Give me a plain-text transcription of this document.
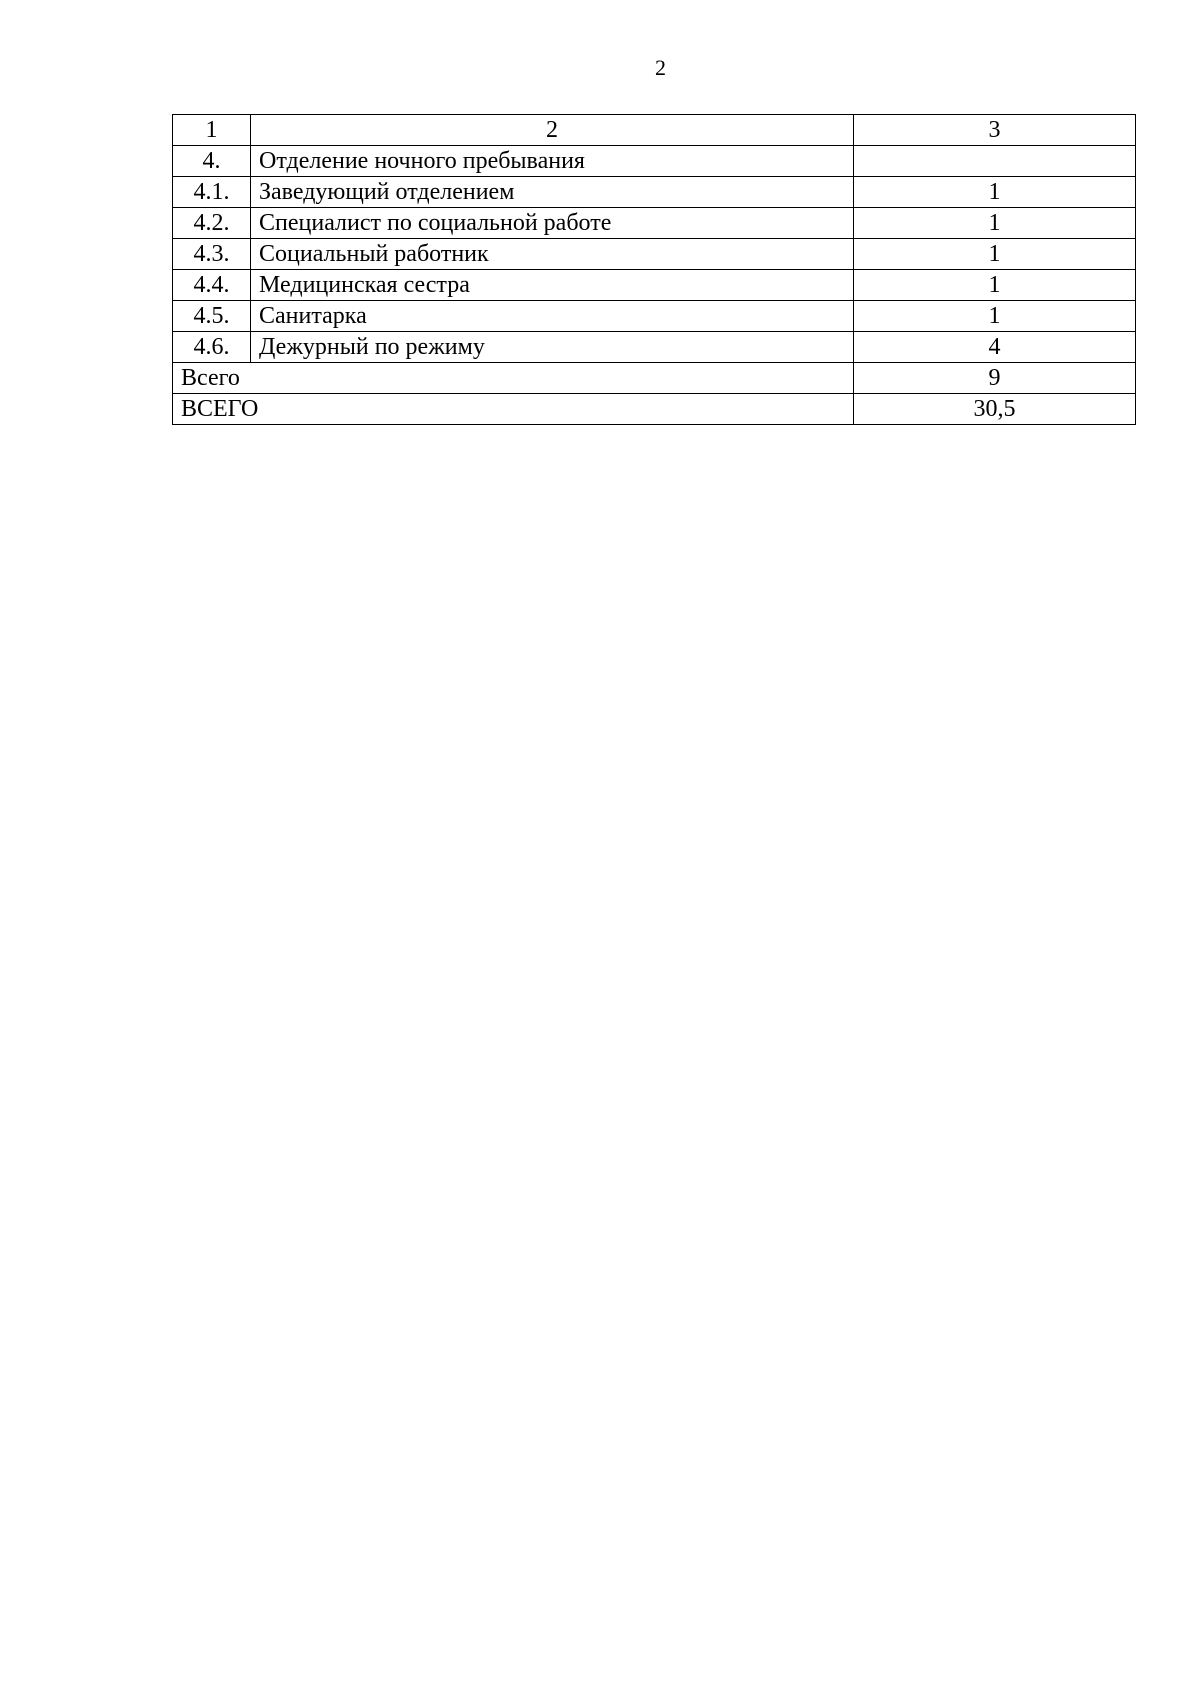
2
1	2	3
4.	Отделение ночного пребывания	
4.1.	Заведующий отделением	1
4.2.	Специалист по социальной работе	1
4.3.	Социальный работник	1
4.4.	Медицинская сестра	1
4.5.	Санитарка	1
4.6.	Дежурный по режиму	4
Всего		9
ВСЕГО		30,5
